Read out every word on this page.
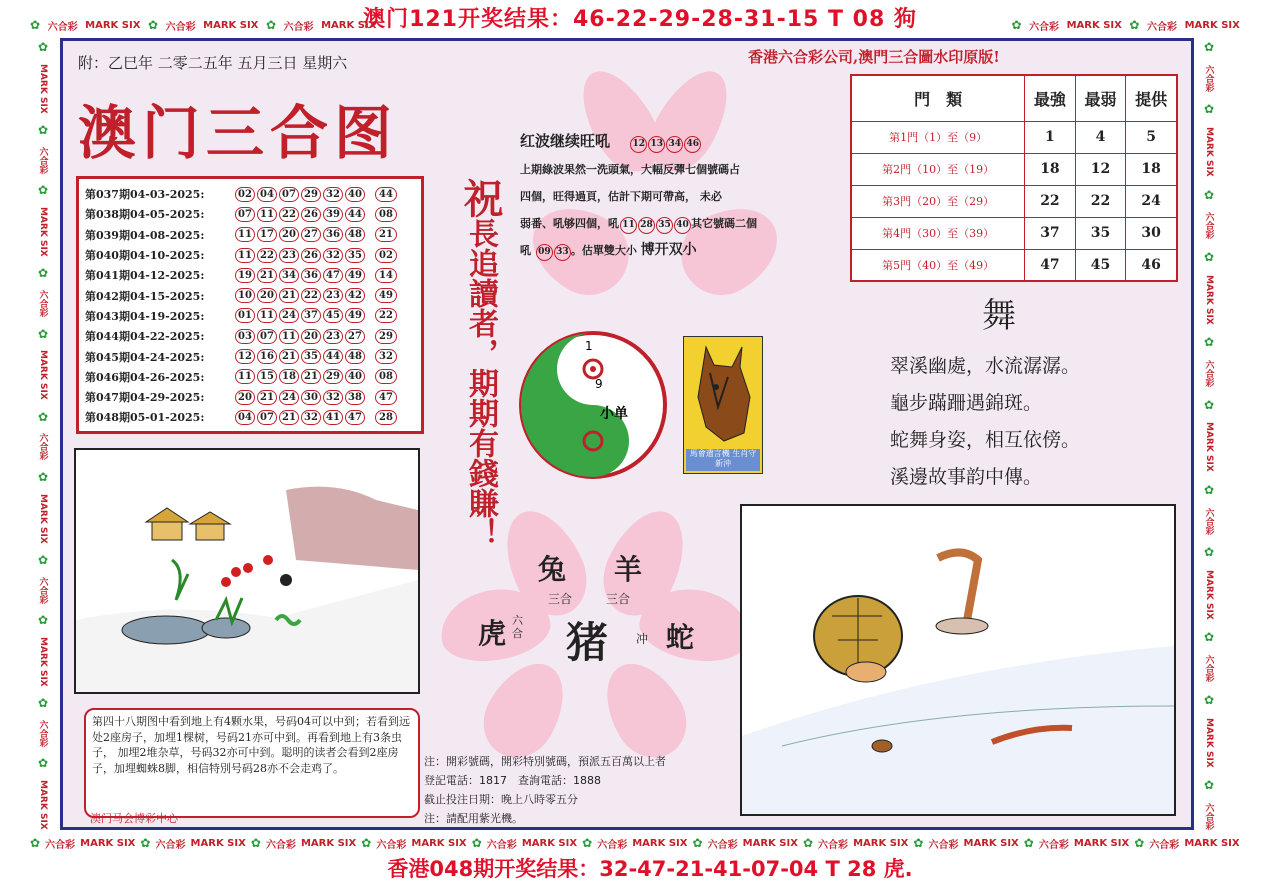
澳门121开奖结果：46-22-29-28-31-15 T 08 狗
✿ 六合彩 MARK SIX ✿ 六合彩 MARK SIX ✿ 六合彩 MARK SIX	✿ 六合彩 MARK SIX ✿ 六合彩 MARK SIX
✿ 六合彩 MARK SIX ✿ 六合彩 MARK SIX ✿ 六合彩 MARK SIX ✿ 六合彩 MARK SIX ✿ 六合彩 MARK SIX ✿ 六合彩 MARK SIX ✿ 六合彩 MARK SIX ✿ 六合彩 MARK SIX ✿ 六合彩 MARK SIX ✿ 六合彩 MARK SIX ✿ 六合彩 MARK SIX
✿
MARK SIX
✿
六合彩
✿
MARK SIX
✿
六合彩
✿
MARK SIX
✿
六合彩
✿
MARK SIX
✿
六合彩
✿
MARK SIX
✿
六合彩
✿
MARK SIX
✿
六合彩
✿
MARK SIX
✿
六合彩
✿
MARK SIX
✿
六合彩
✿
MARK SIX
✿
六合彩
✿
MARK SIX
✿
六合彩
✿
MARK SIX
✿
六合彩
附：乙巳年 二零二五年 五月三日 星期六
澳门三合图
香港六合彩公司,澳門三合圖水印原版!
第037期04-03-2025:	02 04 07 29 32 40	44
第038期04-05-2025:	07 11 22 26 39 44	08
第039期04-08-2025:	11 17 20 27 36 48	21
第040期04-10-2025:	11 22 23 26 32 35	02
第041期04-12-2025:	19 21 34 36 47 49	14
第042期04-15-2025:	10 20 21 22 23 42	49
第043期04-19-2025:	01 11 24 37 45 49	22
第044期04-22-2025:	03 07 11 20 23 27	29
第045期04-24-2025:	12 16 21 35 44 48	32
第046期04-26-2025:	11 15 18 21 29 40	08
第047期04-29-2025:	20 21 24 30 32 38	47
第048期05-01-2025:	04 07 21 32 41 47	28
祝長追讀者，期期有錢賺！
红波继续旺吼 12 13 34 46
上期綠波果然一洗頭氣，大幅反彈七個號碼占
四個，旺得過頁，估計下期可帶高， 未必
弱番、吼够四個，吼 11 28 35 40 其它號碼二個
吼 09 33 。估單雙大小 博开双小
門　類	最強	最弱	提供
第1門（1）至（9）	1	4	5
第2門（10）至（19）	18	12	18
第3門（20）至（29）	22	22	24
第4門（30）至（39）	37	35	30
第5門（40）至（49）	47	45	46
舞
翠溪幽處，水流潺潺。
龜步蹣跚遇錦斑。
蛇舞身姿，相互依傍。
溪邊故事韵中傳。
1
9
小单
馬會遺言機 生肖守新沖
兔 羊
三合	三合
虎 六合 猪 冲 蛇
第四十八期图中看到地上有4颗水果，号码04可以中到；若看到远处2座房子，加埋1棵树，号码21亦可中到。再看到地上有3条虫子， 加埋2堆杂草，号码32亦可中到。聪明的读者会看到2座房子，加埋蜘蛛8脚，相信特別号码28亦不会走鸡了。	注：開彩號碼，開彩特別號碼，預派五百萬以上者
登記電話：1817　查詢電話：1888
截止投注日期：晚上八時零五分
注：請配用紫光機。
澳门马会博彩中心
香港048期开奖结果：32-47-21-41-07-04 T 28 虎.
